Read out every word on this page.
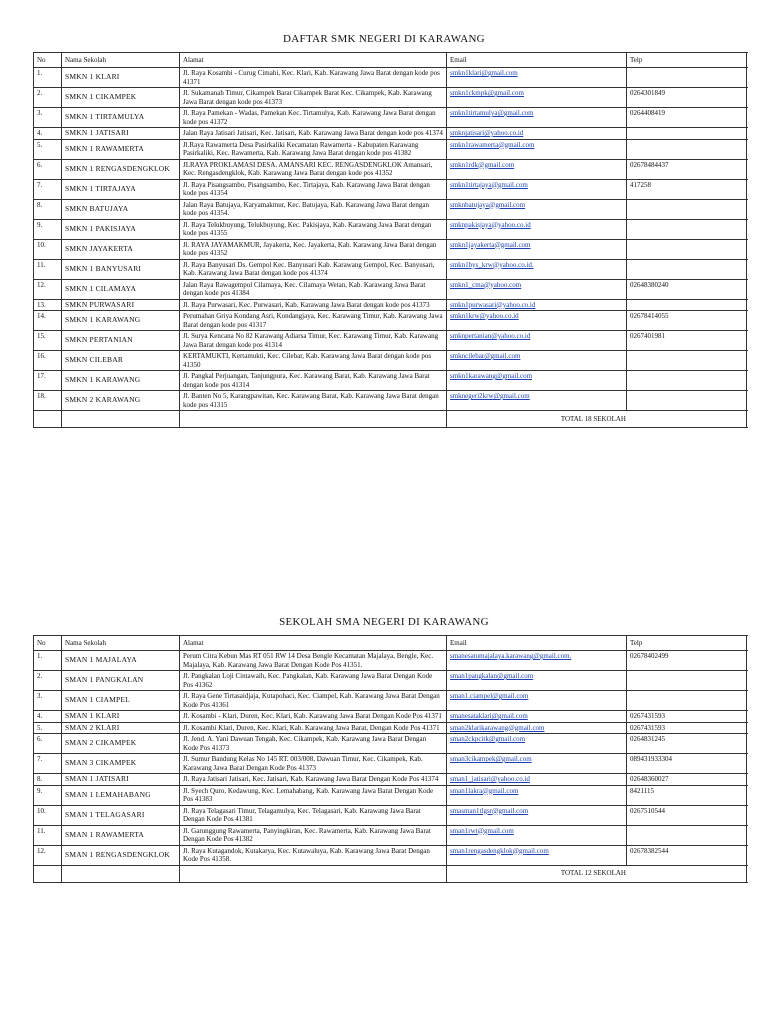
DAFTAR SMK NEGERI DI KARAWANG
No	Nama Sekolah	Alamat	Email	Telp
1.	SMKN 1 KLARI	Jl. Raya Kosambi - Curug Cimahi, Kec. Klari, Kab. Karawang Jawa Barat dengan kode pos 41371	smkn1klari@gmail.com	
2.	SMKN 1 CIKAMPEK	Jl. Sukamanah Timur, Cikampek Barat Cikampek Barat Kec. Cikampek, Kab. Karawang Jawa Barat dengan kode pos 41373	smkn1ckmpk@gmail.com	0264301849
3.	SMKN 1 TIRTAMULYA	Jl. Raya Pamekan - Wadas, Pamekan Kec. Tirtamulya, Kab. Karawang Jawa Barat dengan kode pos 41372	smkn1tirtamulya@gmail.com	0264408419
4.	SMKN 1 JATISARI	Jalan Raya Jatisari Jatisari, Kec. Jatisari, Kab. Karawang Jawa Barat dengan kode pos 41374	smknjatisari@yahoo.co.id	
5.	SMKN 1 RAWAMERTA	Jl.Raya Rawamerta Desa Pasirkaliki Kecamatan Rawamerta - Kabupaten Karawang Pasirkaliki, Kec. Rawamerta, Kab. Karawang Jawa Barat dengan kode pos 41382	smkn1rawamerta@gmail.com	
6.	SMKN 1 RENGASDENGKLOK	JLRAYA PROKLAMASI DESA. AMANSARI KEC. RENGASDENGKLOK Amansari, Kec. Rengasdengklok, Kab. Karawang Jawa Barat dengan kode pos 41352	smkn1rdk@gmail.com	02678484437
7.	SMKN 1 TIRTAJAYA	Jl. Raya Pisangsambo, Pisangsambo, Kec. Tirtajaya, Kab. Karawang Jawa Barat dengan kode pos 41354	smkn1tirtajaya@gmail.com	417258
8.	SMKN BATUJAYA	Jalan Raya Batujaya, Karyamakmur, Kec. Batujaya, Kab. Karawang Jawa Barat dengan kode pos 41354.	smknbatujaya@gmail.com	
9.	SMKN 1 PAKISJAYA	Jl. Raya Telukbuyung, Telukbuyung, Kec. Pakisjaya, Kab. Karawang Jawa Barat dengan kode pos 41355	smknpakisjaya@yahoo.co.id	
10.	SMKN JAYAKERTA	Jl. RAYA JAYAMAKMUR, Jayakerta, Kec. Jayakerta, Kab. Karawang Jawa Barat dengan kode pos 41352	smkn1jayakerta@gmail.com	
11.	SMKN 1 BANYUSARI	Jl. Raya Banyusari Ds. Gempol Kec. Banyusari Kab. Karawang Gempol, Kec. Banyusari, Kab. Karawang Jawa Barat dengan kode pos 41374	smkn1bys_krw@yahoo.co.id.	
12.	SMKN 1 CILAMAYA	Jalan Raya Rawagempol Cilamaya, Kec. Cilamaya Wetan, Kab. Karawang Jawa Barat dengan kode pos 41384	smkn1_cma@yahoo.com	02648380240
13.	SMKN PURWASARI	Jl. Raya Purwasari, Kec. Purwasari, Kab. Karawang Jawa Barat dengan kode pos 41373	smkn1purwasari@yahoo.co.id	
14.	SMKN 1 KARAWANG	Perumahan Griya Kondang Asri, Kondangjaya, Kec. Karawang Timur, Kab. Karawang Jawa Barat dengan kode pos 41317	smkn1krw@yahoo.co.id	02678414055
15.	SMKN PERTANIAN	Jl. Surya Kencana No 82 Karawang Adiarsa Timur, Kec. Karawang Timur, Kab. Karawang Jawa Barat dengan kode pos 41314	smknpertanian@yahoo.co.id	0267401981
16.	SMKN CILEBAR	KERTAMUKTI, Kertamukti, Kec. Cilebar, Kab. Karawang Jawa Barat dengan kode pos 41350	smkncilebar@gmail.com	
17.	SMKN 1 KARAWANG	Jl. Pangkal Perjuangan, Tanjungpura, Kec. Karawang Barat, Kab. Karawang Jawa Barat dengan kode pos 41314	smkn1karawang@gmail.com	
18.	SMKN 2 KARAWANG	Jl. Banten No 5, Karangpawitan, Kec. Karawang Barat, Kab. Karawang Jawa Barat dengan kode pos 41315	smknegeri2krw@gmail.com	
			TOTAL 18 SEKOLAH	
SEKOLAH SMA NEGERI DI KARAWANG
No	Nama Sekolah	Alamat	Email	Telp
1.	SMAN 1 MAJALAYA	Perum Citra Kebun Mas RT 051 RW 14 Desa Bengle Kecamatan Majalaya, Bengle, Kec. Majalaya, Kab. Karawang Jawa Barat Dengan Kode Pos 41351.	smanesatumajalaya.karawang@gmail.com.	02678402499
2.	SMAN 1 PANGKALAN	Jl. Pangkalan Loji Cintawaih, Kec. Pangkalan, Kab. Karawang Jawa Barat Dengan Kode Pos 41362	sman1pangkalan@gmail.com	
3.	SMAN 1 CIAMPEL	Jl. Raya Gene Tirtasaidjaja, Kutapohaci, Kec. Ciampel, Kab. Karawang Jawa Barat Dengan Kode Pos 41361	sman1.ciampel@gmail.com	
4.	SMAN 1 KLARI	Jl. Kosambi - Klari, Duren, Kec. Klari, Kab. Karawang Jawa Barat Dengan Kode Pos 41371	smanesataklari@gmail.com	0267431593
5.	SMAN 2 KLARI	Jl. Kosambi Klari, Duren, Kec. Klari, Kab. Karawang Jawa Barat, Dengan Kode Pos 41371	sman2klarikarawang@gmail.com	0267431593
6.	SMAN 2 CIKAMPEK	Jl. Jend. A. Yani Dawuan Tengah, Kec. Cikampek, Kab. Karawang Jawa Barat Dengan Kode Pos 41373	sman2ckpcitk@gmail.com	0264831245
7.	SMAN 3 CIKAMPEK	Jl. Sumur Bandung Kelas No 145 RT. 003/008, Dawuan Timur, Kec. Cikampek, Kab. Karawang Jawa Barat Dengan Kode Pos 41373	sman3cikampek@gmail.com	089431933304
8.	SMAN 1 JATISARI	Jl. Raya Jatisari Jatisari, Kec. Jatisari, Kab. Karawang Jawa Barat Dengan Kode Pos 41374	sman1_jatisari@yahoo.co.id	02648360027
9.	SMAN 1 LEMAHABANG	Jl. Syech Quro, Kedawung, Kec. Lemahabang, Kab. Karawang Jawa Barat Dengan Kode Pos 41383	sman1lakra@gmail.com	8421115
10.	SMAN 1 TELAGASARI	Jl. Raya Telagasari Timur, Telagamulya, Kec. Telagasari, Kab. Karawang Jawa Barat Dengan Kode Pos 41381	smasman1tlgsr@gmail.com	0267510544
11.	SMAN 1 RAWAMERTA	Jl. Garunggung Rawamerta, Panyingkiran, Kec. Rawamerta, Kab. Karawang Jawa Barat Dengan Kode Pos 41382	sman1rwt@gmail.com	
12.	SMAN 1 RENGASDENGKLOK	Jl. Raya Kutagandok, Kutakarya, Kec. Kutawaluya, Kab. Karawang Jawa Barat Dengan Kode Pos 41358.	sman1rengasdengklok@gmail.com	02678382544
			TOTAL 12 SEKOLAH	
